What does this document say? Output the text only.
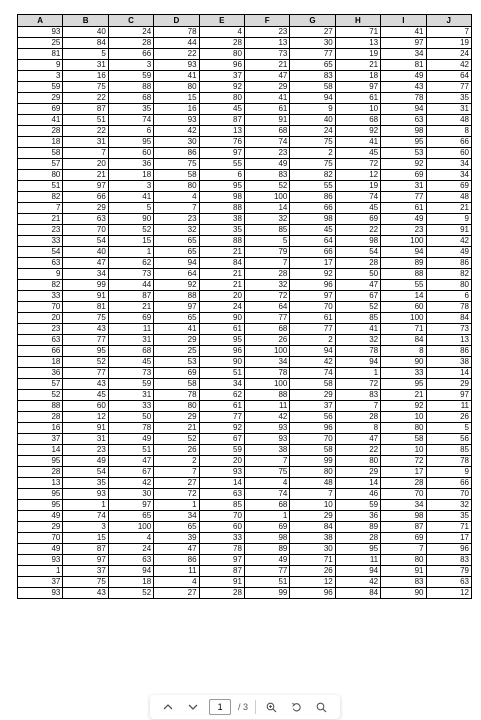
A	B	C	D	E	F	G	H	I	J
93	40	24	78	4	23	27	71	41	7
25	84	28	44	28	13	30	13	97	19
81	5	66	22	80	73	77	19	34	24
9	31	3	93	96	21	65	21	81	42
3	16	59	41	37	47	83	18	49	64
59	75	88	80	92	29	58	97	43	77
29	22	68	15	80	41	94	61	78	35
69	87	35	16	45	61	9	10	94	31
41	51	74	93	87	91	40	68	63	48
28	22	6	42	13	68	24	92	98	8
18	31	95	30	76	74	75	41	95	66
58	7	60	86	97	23	2	45	53	60
57	20	36	75	55	49	75	72	92	34
80	21	18	58	6	83	82	12	69	34
51	97	3	80	95	52	55	19	31	69
82	66	41	4	98	100	86	74	77	48
7	29	5	7	88	14	66	45	61	21
21	63	90	23	38	32	98	69	49	9
23	70	52	32	35	85	45	22	23	91
33	54	15	65	88	5	64	98	100	42
54	40	1	65	21	79	66	54	94	49
63	47	62	94	84	7	17	28	89	86
9	34	73	64	21	28	92	50	88	82
82	99	44	92	21	32	96	47	55	80
33	91	87	88	20	72	97	67	14	6
70	81	21	97	24	64	70	52	60	78
20	75	69	65	90	77	61	85	100	84
23	43	11	41	61	68	77	41	71	73
63	77	31	29	95	26	2	32	84	13
66	95	68	25	96	100	94	78	8	86
18	52	45	53	90	34	42	94	90	38
36	77	73	69	51	78	74	1	33	14
57	43	59	58	34	100	58	72	95	29
52	45	31	78	62	88	29	83	21	97
88	60	33	80	61	11	37	7	92	11
28	12	50	29	77	42	56	28	10	26
16	91	78	21	92	93	96	8	80	5
37	31	49	52	67	93	70	47	58	56
14	23	51	26	59	38	58	22	10	85
95	49	47	2	20	7	99	80	72	78
28	54	67	7	93	75	80	29	17	9
13	35	42	27	14	4	48	14	28	66
95	93	30	72	63	74	7	46	70	70
95	1	97	1	85	68	10	59	34	32
49	74	65	34	70	1	29	36	98	35
29	3	100	65	60	69	84	89	87	71
70	15	4	39	33	98	38	28	69	17
49	87	24	47	78	89	30	95	7	96
93	97	63	86	97	49	71	11	80	83
1	37	94	11	87	77	26	94	91	79
37	75	18	4	91	51	12	42	83	63
93	43	52	27	28	99	96	84	90	12
1
/ 3
